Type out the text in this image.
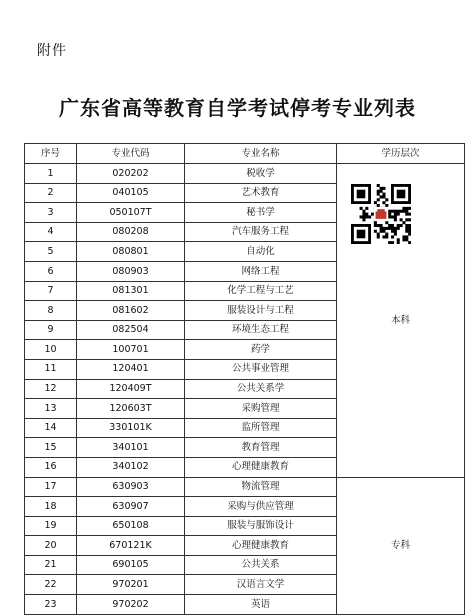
附件
广东省高等教育自学考试停考专业列表
序号	专业代码	专业名称	学历层次
1	020202	税收学	本科

2	040105	艺术教育	
3	050107T	秘书学	
4	080208	汽车服务工程	
5	080801	自动化	
6	080903	网络工程	
7	081301	化学工程与工艺	
8	081602	服装设计与工程	
9	082504	环境生态工程	
10	100701	药学	
11	120401	公共事业管理	
12	120409T	公共关系学	
13	120603T	采购管理	
14	330101K	监所管理	
15	340101	教育管理	
16	340102	心理健康教育	
17	630903	物流管理	专科
18	630907	采购与供应管理	
19	650108	服装与服饰设计	
20	670121K	心理健康教育	
21	690105	公共关系	
22	970201	汉语言文学	
23	970202	英语	
